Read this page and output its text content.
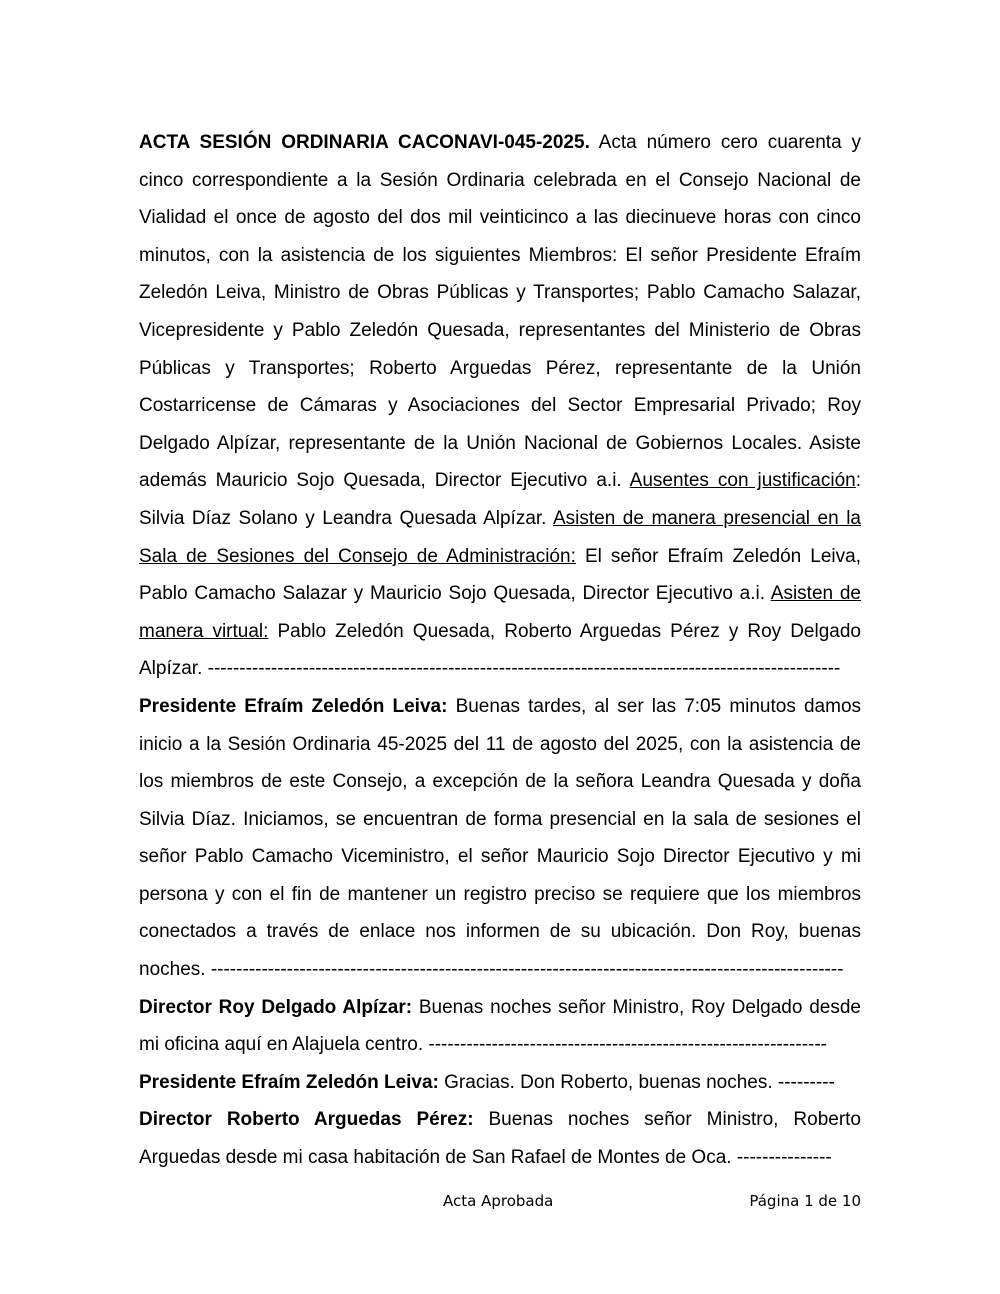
ACTA SESIÓN ORDINARIA CACONAVI-045-2025. Acta número cero cuarenta y cinco correspondiente a la Sesión Ordinaria celebrada en el Consejo Nacional de Vialidad el once de agosto del dos mil veinticinco a las diecinueve horas con cinco minutos, con la asistencia de los siguientes Miembros: El señor Presidente Efraím Zeledón Leiva, Ministro de Obras Públicas y Transportes; Pablo Camacho Salazar, Vicepresidente y Pablo Zeledón Quesada, representantes del Ministerio de Obras Públicas y Transportes; Roberto Arguedas Pérez, representante de la Unión Costarricense de Cámaras y Asociaciones del Sector Empresarial Privado; Roy Delgado Alpízar, representante de la Unión Nacional de Gobiernos Locales. Asiste además Mauricio Sojo Quesada, Director Ejecutivo a.i. Ausentes con justificación: Silvia Díaz Solano y Leandra Quesada Alpízar. Asisten de manera presencial en la Sala de Sesiones del Consejo de Administración: El señor Efraím Zeledón Leiva, Pablo Camacho Salazar y Mauricio Sojo Quesada, Director Ejecutivo a.i. Asisten de manera virtual: Pablo Zeledón Quesada, Roberto Arguedas Pérez y Roy Delgado Alpízar. ----------------------------------------------------------------------------------------------------

Presidente Efraím Zeledón Leiva: Buenas tardes, al ser las 7:05 minutos damos inicio a la Sesión Ordinaria 45-2025 del 11 de agosto del 2025, con la asistencia de los miembros de este Consejo, a excepción de la señora Leandra Quesada y doña Silvia Díaz. Iniciamos, se encuentran de forma presencial en la sala de sesiones el señor Pablo Camacho Viceministro, el señor Mauricio Sojo Director Ejecutivo y mi persona y con el fin de mantener un registro preciso se requiere que los miembros conectados a través de enlace nos informen de su ubicación. Don Roy, buenas noches. ----------------------------------------------------------------------------------------------------

Director Roy Delgado Alpízar: Buenas noches señor Ministro, Roy Delgado desde mi oficina aquí en Alajuela centro. ---------------------------------------------------------------

Presidente Efraím Zeledón Leiva: Gracias. Don Roberto, buenas noches. ---------

Director Roberto Arguedas Pérez: Buenas noches señor Ministro, Roberto Arguedas desde mi casa habitación de San Rafael de Montes de Oca. ---------------

Acta Aprobada	Página 1 de 10
